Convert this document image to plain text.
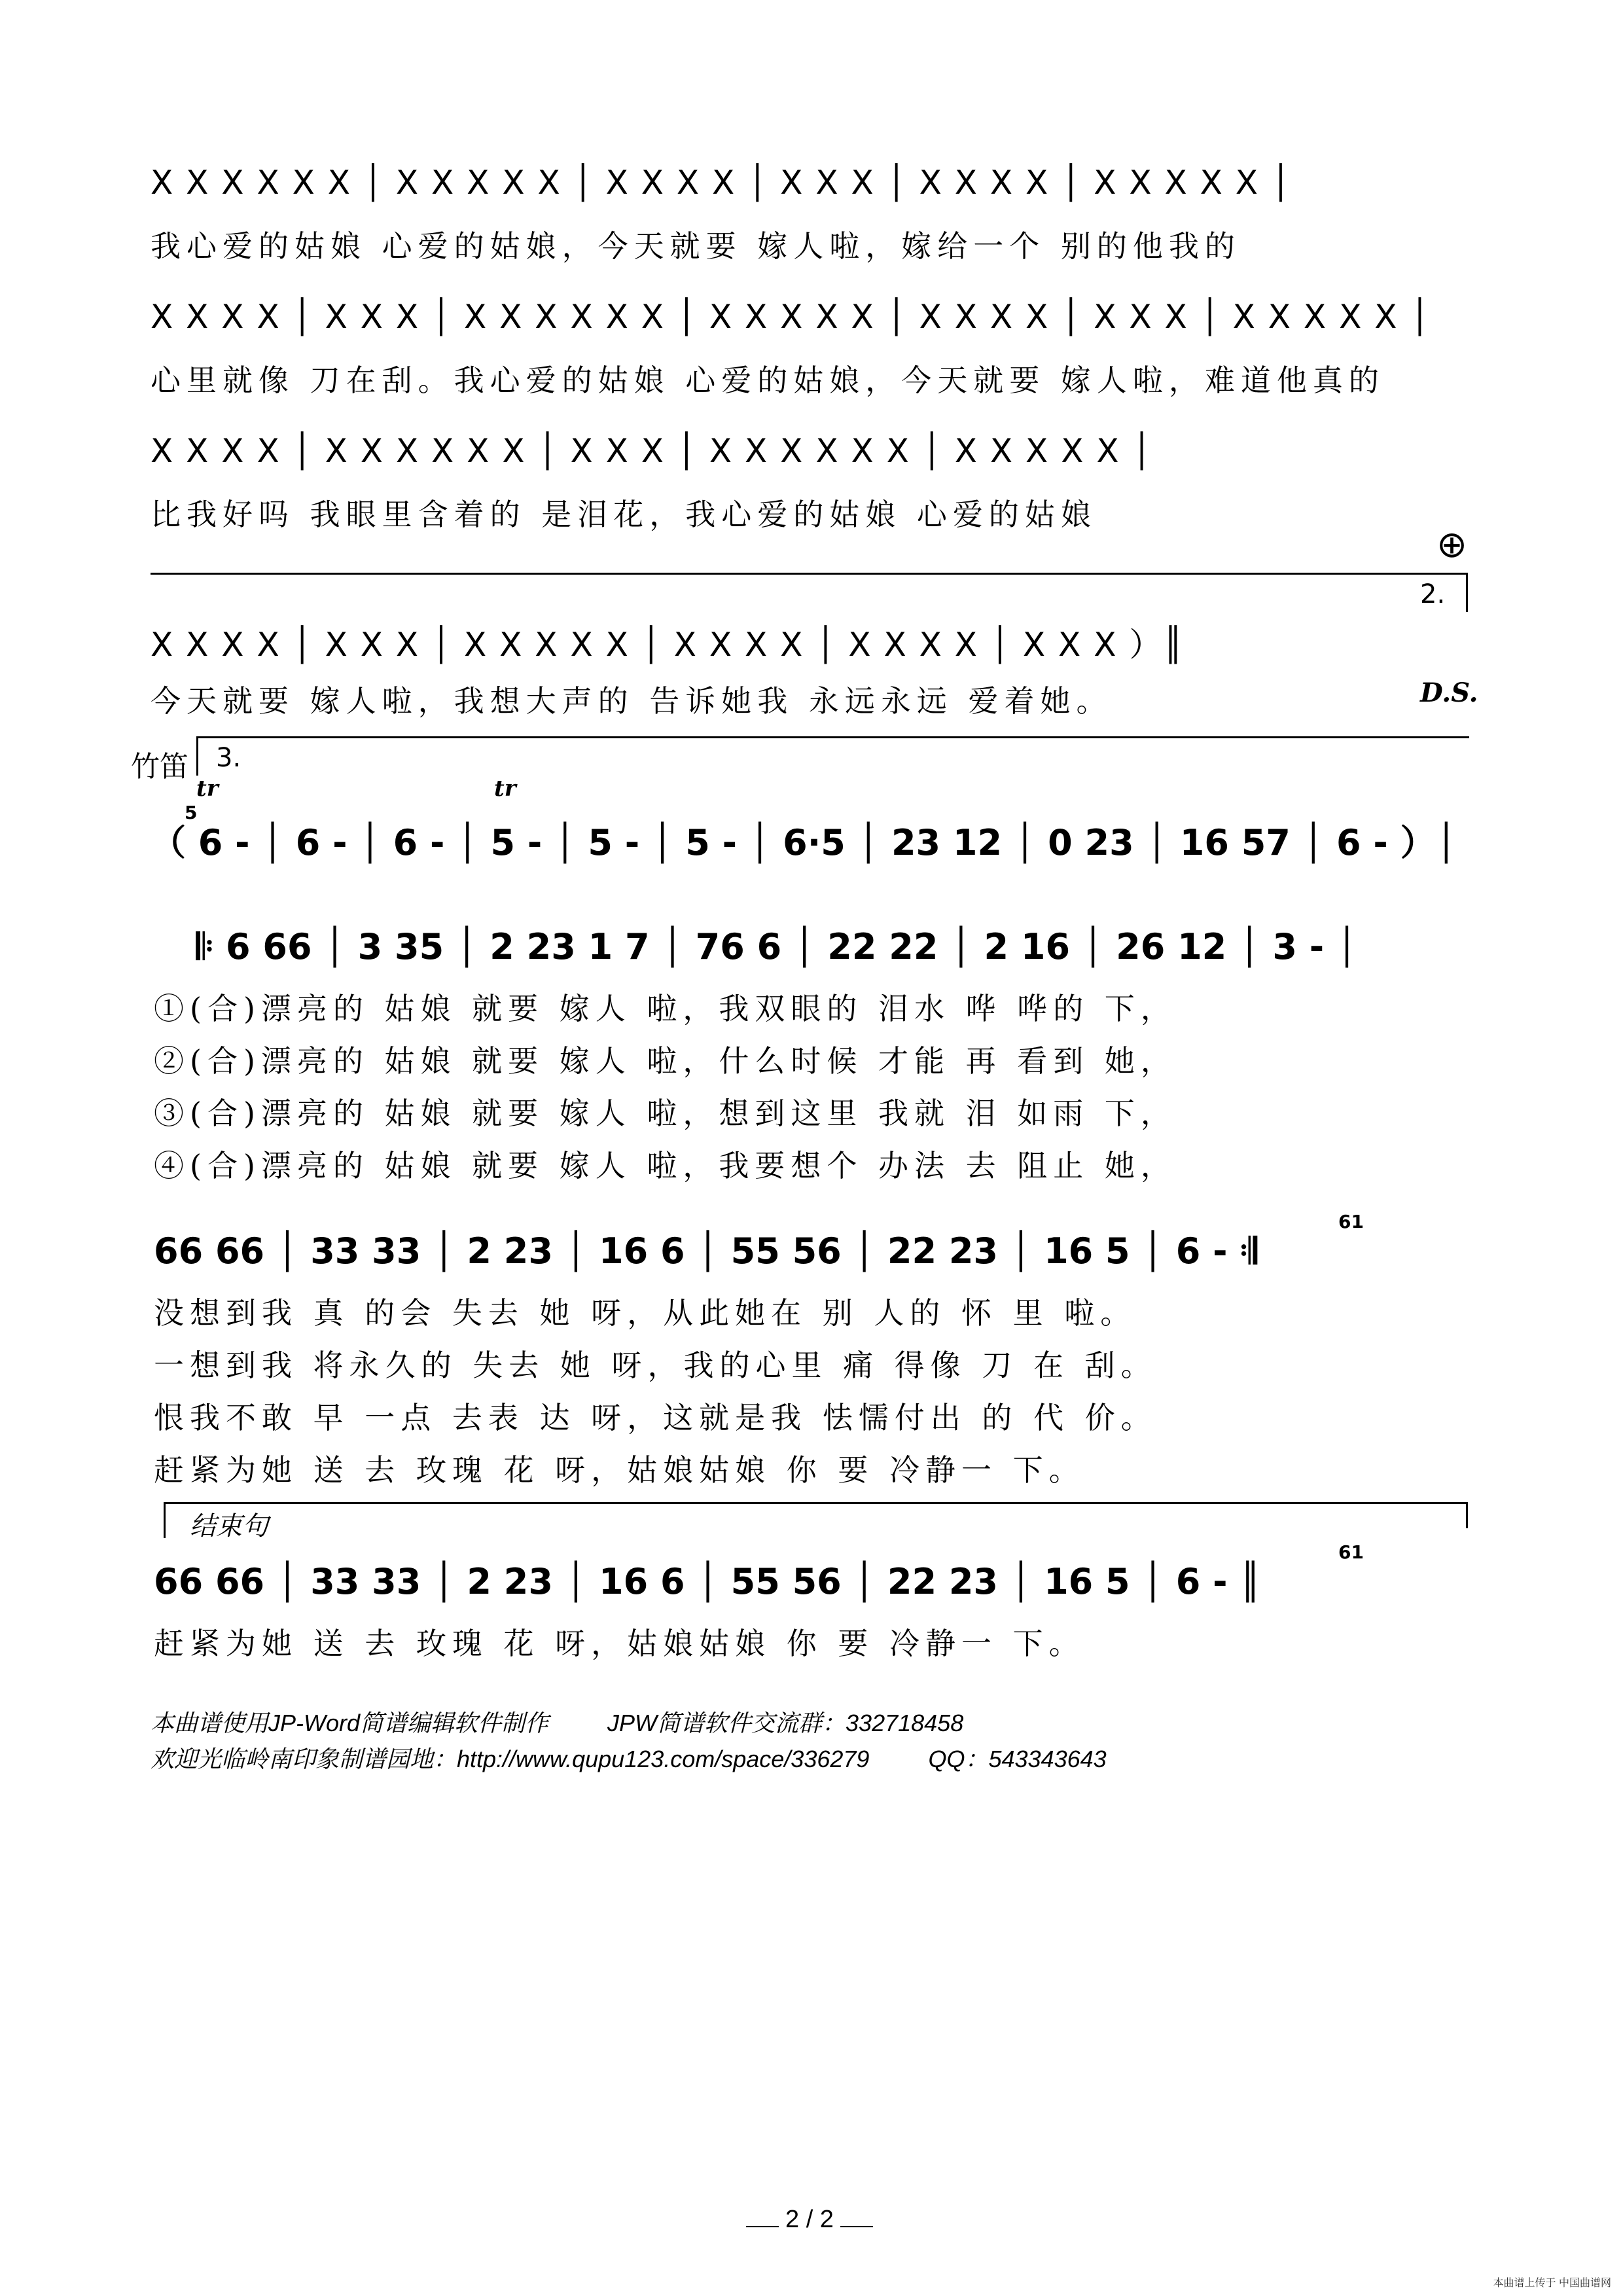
X X X X X X │ X X X X X │ X X X X │ X X X │ X X X X │ X X X X X │
我心爱的姑娘 心爱的姑娘，今天就要 嫁人啦，嫁给一个 别的他我的
X X X X │ X X X │ X X X X X X │ X X X X X │ X X X X │ X X X │ X X X X X │
心里就像 刀在刮。我心爱的姑娘 心爱的姑娘，今天就要 嫁人啦，难道他真的
X X X X │ X X X X X X │ X X X │ X X X X X X │ X X X X X │
比我好吗 我眼里含着的 是泪花，我心爱的姑娘 心爱的姑娘
⊕
2.
X X X X │ X X X │ X X X X X │ X X X X │ X X X X │ X X X ）║
今天就要 嫁人啦，我想大声的 告诉她我 永远永远 爱着她。	D.S.
竹笛 3.
tr	tr
5
（ 6 - │ 6 - │ 6 - │ 5 - │ 5 - │ 5 - │ 6·5 │ 23 12 │ 0 23 │ 16 57 │ 6 - ）│
𝄆 6 66 │ 3 35 │ 2 23 1 7 │ 76 6 │ 22 22 │ 2 16 │ 26 12 │ 3 - │
①(合)漂亮的 姑娘 就要 嫁人 啦，我双眼的 泪水 哗 哗的 下，
②(合)漂亮的 姑娘 就要 嫁人 啦，什么时候 才能 再 看到 她，
③(合)漂亮的 姑娘 就要 嫁人 啦，想到这里 我就 泪 如雨 下，
④(合)漂亮的 姑娘 就要 嫁人 啦，我要想个 办法 去 阻止 她，
61
66 66 │ 33 33 │ 2 23 │ 16 6 │ 55 56 │ 22 23 │ 16 5 │ 6 - 𝄇
没想到我 真 的会 失去 她 呀，从此她在 别 人的 怀 里 啦。
一想到我 将永久的 失去 她 呀，我的心里 痛 得像 刀 在 刮。
恨我不敢 早 一点 去表 达 呀，这就是我 怯懦付出 的 代 价。
赶紧为她 送 去 玫瑰 花 呀，姑娘姑娘 你 要 冷静一 下。
结束句
61
66 66 │ 33 33 │ 2 23 │ 16 6 │ 55 56 │ 22 23 │ 16 5 │ 6 - ║
赶紧为她 送 去 玫瑰 花 呀，姑娘姑娘 你 要 冷静一 下。
本曲谱使用JP-Word简谱编辑软件制作	JPW简谱软件交流群：332718458
欢迎光临岭南印象制谱园地：http://www.qupu123.com/space/336279	QQ：543343643
2 / 2
本曲谱上传于 中国曲谱网
